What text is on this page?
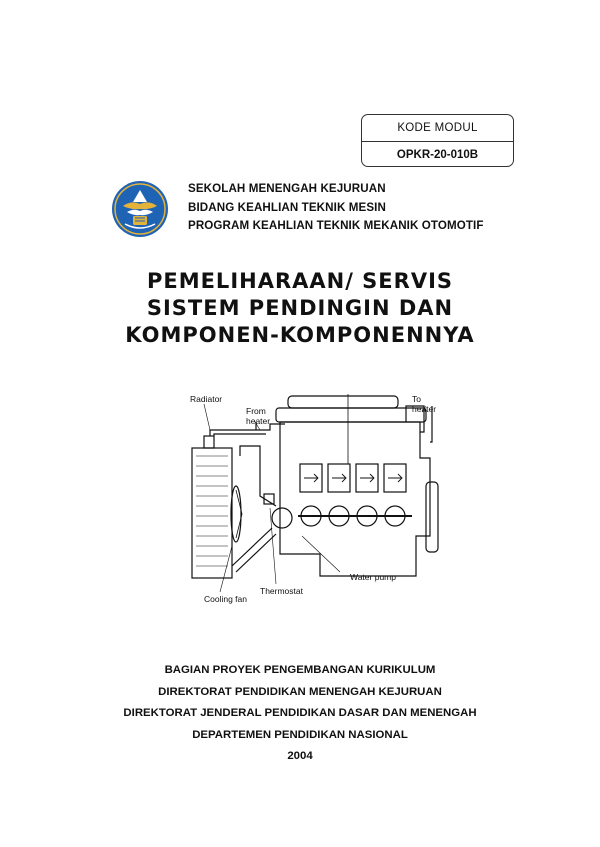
KODE MODUL
OPKR-20-010B
SEKOLAH MENENGAH KEJURUAN
BIDANG KEAHLIAN TEKNIK MESIN
PROGRAM KEAHLIAN TEKNIK MEKANIK OTOMOTIF
PEMELIHARAAN/ SERVIS
SISTEM PENDINGIN DAN
KOMPONEN-KOMPONENNYA
Radiator
From
heater
To
heater
Water pump
Thermostat
Cooling fan
BAGIAN PROYEK PENGEMBANGAN KURIKULUM
DIREKTORAT PENDIDIKAN MENENGAH KEJURUAN
DIREKTORAT JENDERAL PENDIDIKAN DASAR DAN MENENGAH
DEPARTEMEN PENDIDIKAN NASIONAL
2004
